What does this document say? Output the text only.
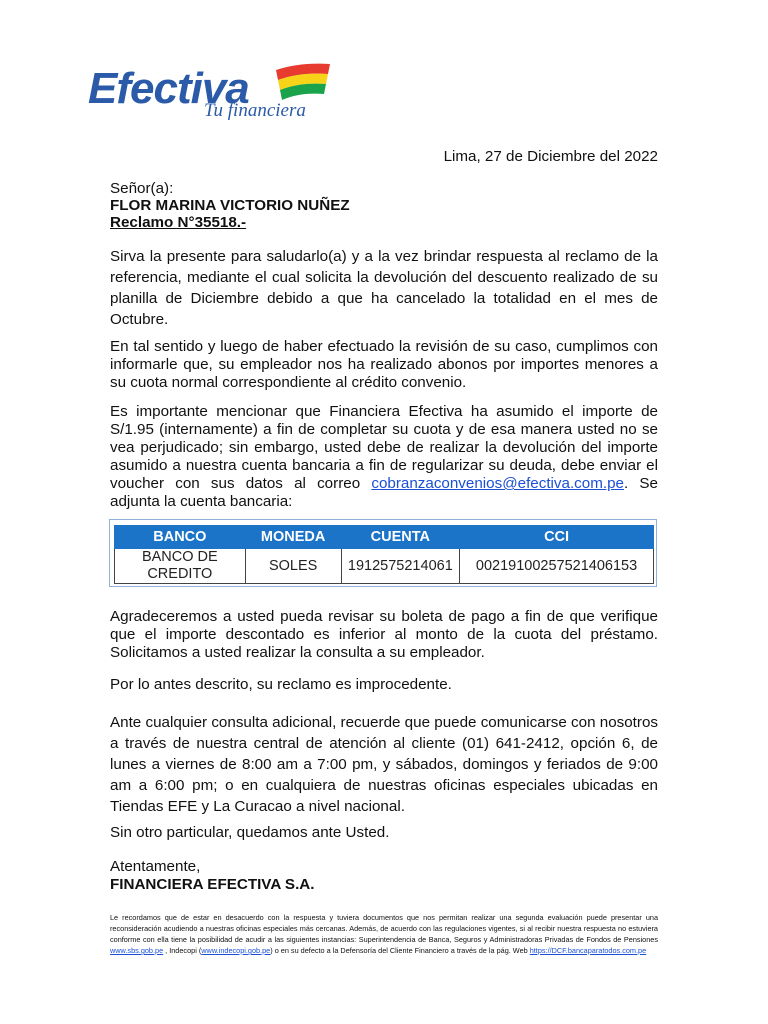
Efectiva
Tu financiera
Lima, 27 de Diciembre del 2022
Señor(a):
FLOR MARINA VICTORIO NUÑEZ
Reclamo N°35518.-

Sirva la presente para saludarlo(a) y a la vez brindar respuesta al reclamo de la referencia, mediante el cual solicita la devolución del descuento realizado de su planilla de Diciembre debido a que ha cancelado la totalidad en el mes de Octubre.

En tal sentido y luego de haber efectuado la revisión de su caso, cumplimos con informarle que, su empleador nos ha realizado abonos por importes menores a su cuota normal correspondiente al crédito convenio.

Es importante mencionar que Financiera Efectiva ha asumido el importe de S/1.95 (internamente) a fin de completar su cuota y de esa manera usted no se vea perjudicado; sin embargo, usted debe de realizar la devolución del importe asumido a nuestra cuenta bancaria a fin de regularizar su deuda, debe enviar el voucher con sus datos al correo cobranzaconvenios@efectiva.com.pe. Se adjunta la cuenta bancaria:

Agradeceremos a usted pueda revisar su boleta de pago a fin de que verifique que el importe descontado es inferior al monto de la cuota del préstamo. Solicitamos a usted realizar la consulta a su empleador.

Por lo antes descrito, su reclamo es improcedente.

Ante cualquier consulta adicional, recuerde que puede comunicarse con nosotros a través de nuestra central de atención al cliente (01) 641-2412, opción 6, de lunes a viernes de 8:00 am a 7:00 pm, y sábados, domingos y feriados de 9:00 am a 6:00 pm; o en cualquiera de nuestras oficinas especiales ubicadas en Tiendas EFE y La Curacao a nivel nacional.

Sin otro particular, quedamos ante Usted.

Atentamente,
FINANCIERA EFECTIVA S.A.
BANCO	MONEDA	CUENTA	CCI
BANCO DE CREDITO	SOLES	1912575214061	00219100257521406153
Le recordamos que de estar en desacuerdo con la respuesta y tuviera documentos que nos permitan realizar una segunda evaluación puede presentar una reconsideración acudiendo a nuestras oficinas especiales más cercanas. Además, de acuerdo con las regulaciones vigentes, si al recibir nuestra respuesta no estuviera conforme con ella tiene la posibilidad de acudir a las siguientes instancias: Superintendencia de Banca, Seguros y Administradoras Privadas de Fondos de Pensiones www.sbs.gob.pe , Indecopi (www.indecopi.gob.pe) o en su defecto a la Defensoría del Cliente Financiero a través de la pág. Web https://DCF.bancaparatodos.com.pe
